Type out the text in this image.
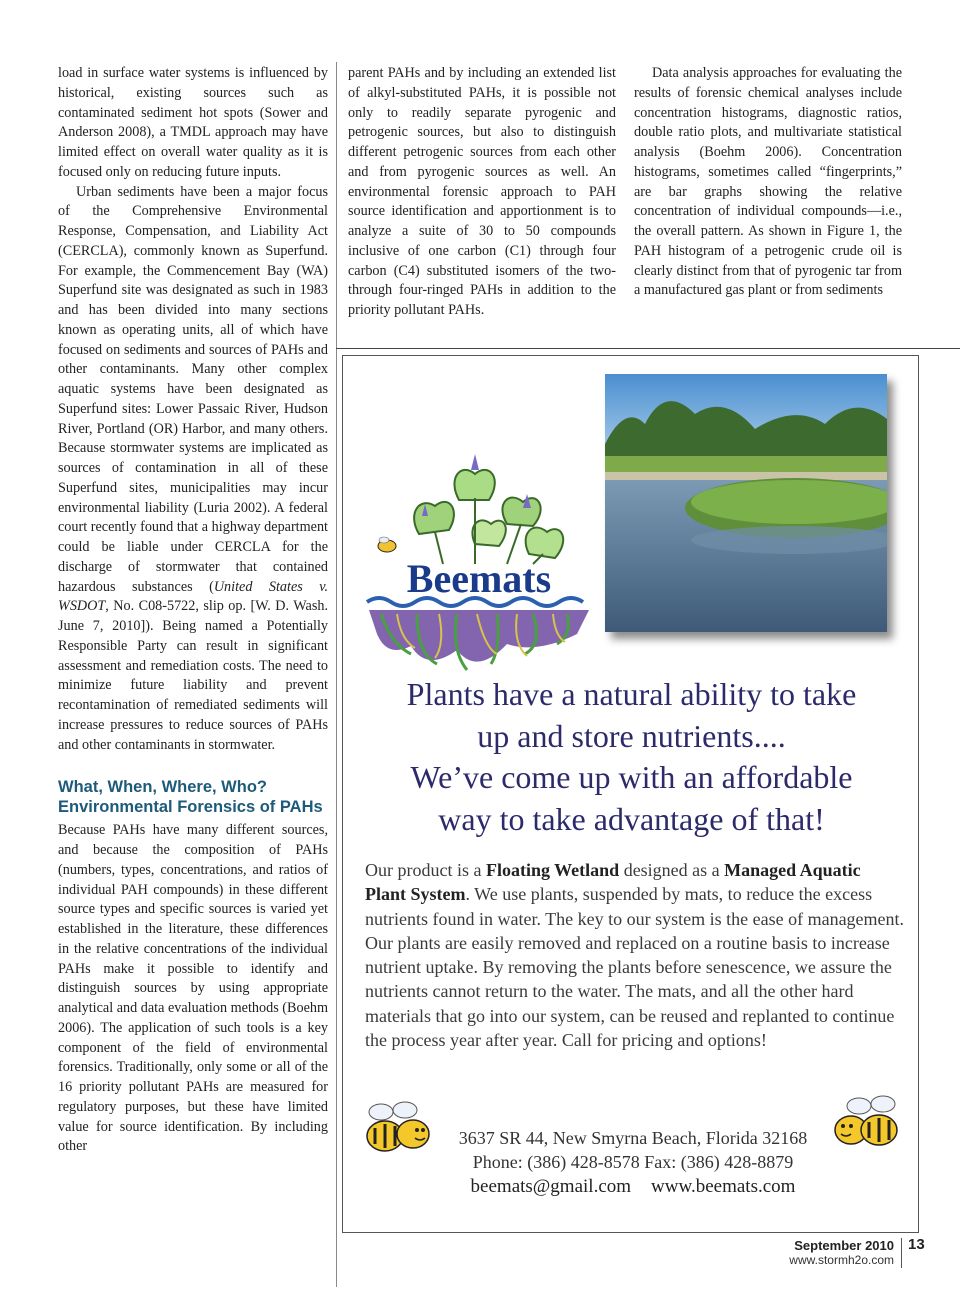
load in surface water systems is influenced by historical, existing sources such as contaminated sediment hot spots (Sower and Anderson 2008), a TMDL approach may have limited effect on overall water quality as it is focused only on reducing future inputs.

Urban sediments have been a major focus of the Comprehensive Environmental Response, Compensation, and Liability Act (CERCLA), commonly known as Superfund. For example, the Commencement Bay (WA) Superfund site was designated as such in 1983 and has been divided into many sections known as operating units, all of which have focused on sediments and sources of PAHs and other contaminants. Many other complex aquatic systems have been designated as Superfund sites: Lower Passaic River, Hudson River, Portland (OR) Harbor, and many others. Because stormwater systems are implicated as sources of contamination in all of these Superfund sites, municipalities may incur environmental liability (Luria 2002). A federal court recently found that a highway department could be liable under CERCLA for the discharge of stormwater that contained hazardous substances (United States v. WSDOT, No. C08-5722, slip op. [W. D. Wash. June 7, 2010]). Being named a Potentially Responsible Party can result in significant assessment and remediation costs. The need to minimize future liability and prevent recontamination of remediated sediments will increase pressures to reduce sources of PAHs and other contaminants in stormwater.

What, When, Where, Who? Environmental Forensics of PAHs

Because PAHs have many different sources, and because the composition of PAHs (numbers, types, concentrations, and ratios of individual PAH compounds) in these different source types and specific sources is varied yet established in the literature, these differences in the relative concentrations of the individual PAHs make it possible to identify and distinguish sources by using appropriate analytical and data evaluation methods (Boehm 2006). The application of such tools is a key component of the field of environmental forensics. Traditionally, only some or all of the 16 priority pollutant PAHs are measured for regulatory purposes, but these have limited value for source identification. By including other

parent PAHs and by including an extended list of alkyl-substituted PAHs, it is possible not only to readily separate pyrogenic and petrogenic sources, but also to distinguish different petrogenic sources from each other and from pyrogenic sources as well. An environmental forensic approach to PAH source identification and apportionment is to analyze a suite of 30 to 50 compounds inclusive of one carbon (C1) through four carbon (C4) substituted isomers of the two-through four-ringed PAHs in addition to the priority pollutant PAHs.

Data analysis approaches for evaluating the results of forensic chemical analyses include concentration histograms, diagnostic ratios, double ratio plots, and multivariate statistical analysis (Boehm 2006). Concentration histograms, sometimes called “fingerprints,” are bar graphs showing the relative concentration of individual compounds—i.e., the overall pattern. As shown in Figure 1, the PAH histogram of a petrogenic crude oil is clearly distinct from that of pyrogenic tar from a manufactured gas plant or from sediments

Beemats
Plants have a natural ability to take
up and store nutrients....
We’ve come up with an affordable
way to take advantage of that!
Our product is a Floating Wetland designed as a Managed Aquatic Plant System. We use plants, suspended by mats, to reduce the excess nutrients found in water. The key to our system is the ease of management. Our plants are easily removed and replaced on a routine basis to increase nutrient uptake. By removing the plants before senescence, we assure the nutrients cannot return to the water. The mats, and all the other hard materials that go into our system, can be reused and replanted to continue the process year after year. Call for pricing and options!
3637 SR 44, New Smyrna Beach, Florida 32168
Phone: (386) 428-8578 Fax: (386) 428-8879
beemats@gmail.com www.beemats.com
September 2010
www.stormh2o.com
13
